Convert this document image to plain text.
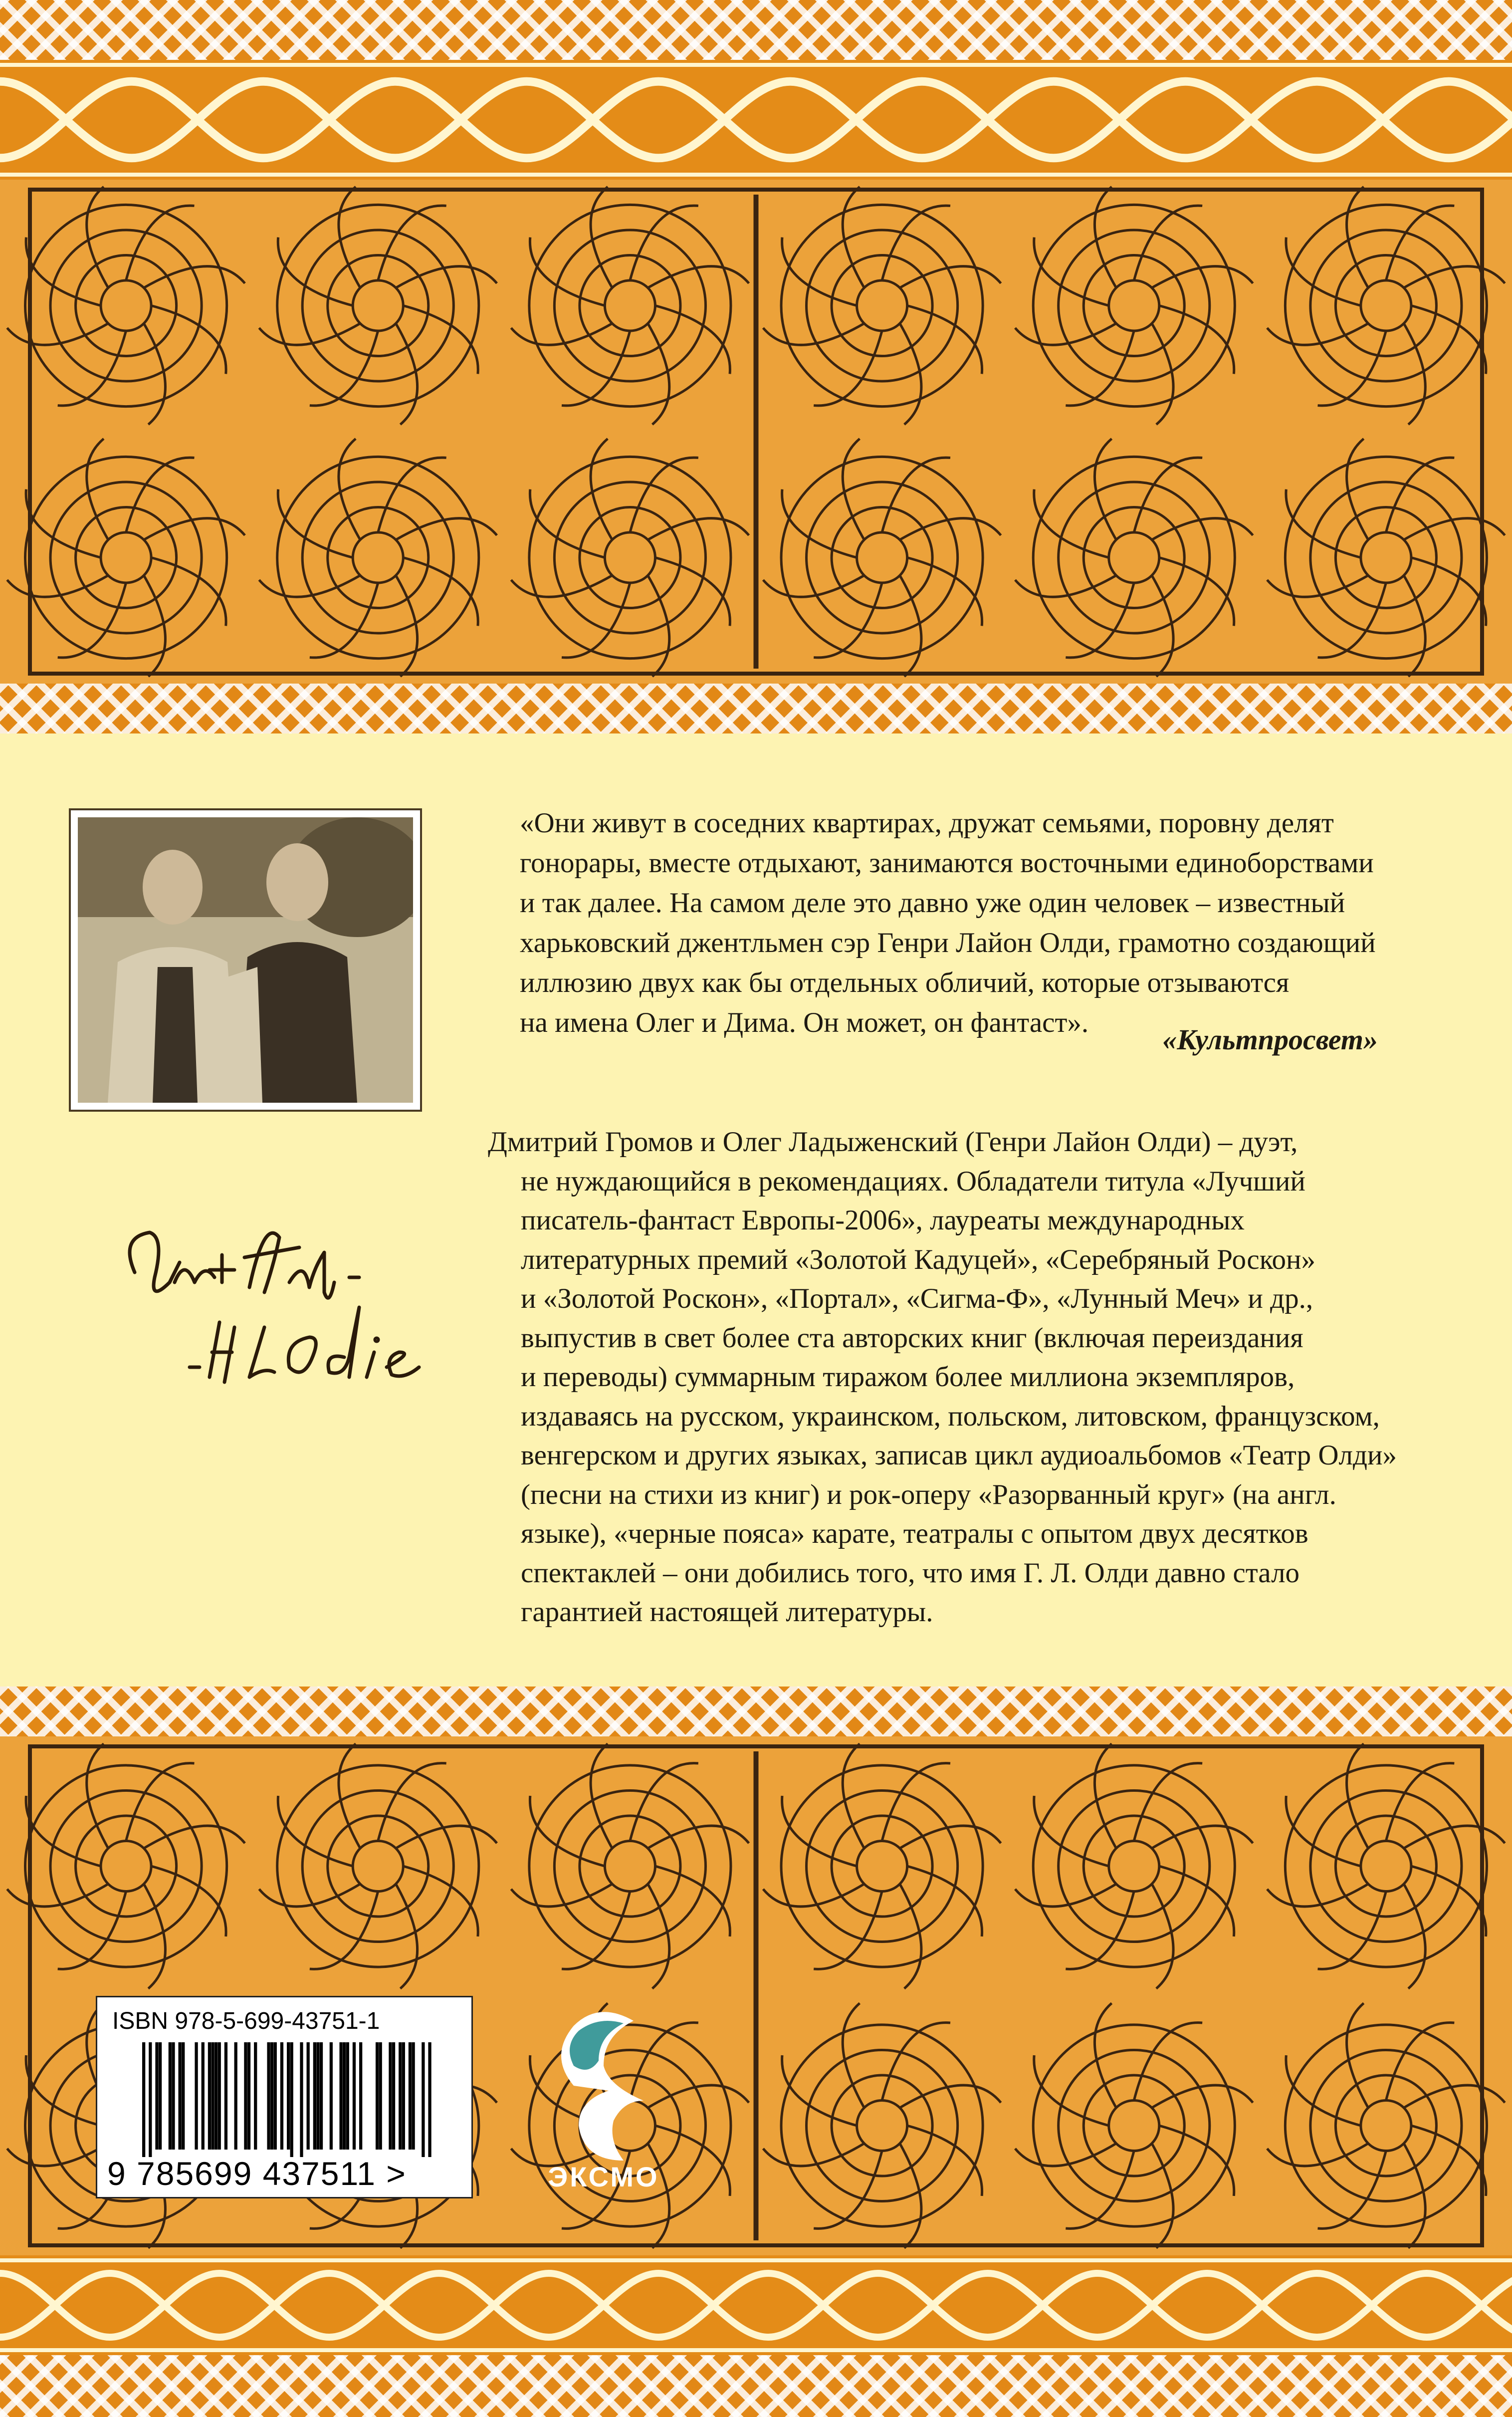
«Они живут в соседних квартирах, дружат семьями, поровну делят
гонорары, вместе отдыхают, занимаются восточными единоборствами
и так далее. На самом деле это давно уже один человек – известный
харьковский джентльмен сэр Генри Лайон Олди, грамотно создающий
иллюзию двух как бы отдельных обличий, которые отзываются
на имена Олег и Дима. Он может, он фантаст».
«Культпросвет»
Дмитрий Громов и Олег Ладыженский (Генри Лайон Олди) – дуэт,
не нуждающийся в рекомендациях. Обладатели титула «Лучший
писатель-фантаст Европы-2006», лауреаты международных
литературных премий «Золотой Кадуцей», «Серебряный Роскон»
и «Золотой Роскон», «Портал», «Сигма-Ф», «Лунный Меч» и др.,
выпустив в свет более ста авторских книг (включая переиздания
и переводы) суммарным тиражом более миллиона экземпляров,
издаваясь на русском, украинском, польском, литовском, французском,
венгерском и других языках, записав цикл аудиоальбомов «Театр Олди»
(песни на стихи из книг) и рок-оперу «Разорванный круг» (на англ.
языке), «черные пояса» карате, театралы с опытом двух десятков
спектаклей – они добились того, что имя Г. Л. Олди давно стало
гарантией настоящей литературы.
ISBN 978-5-699-43751-1
9 785699 437511 >	ЭКСМО
